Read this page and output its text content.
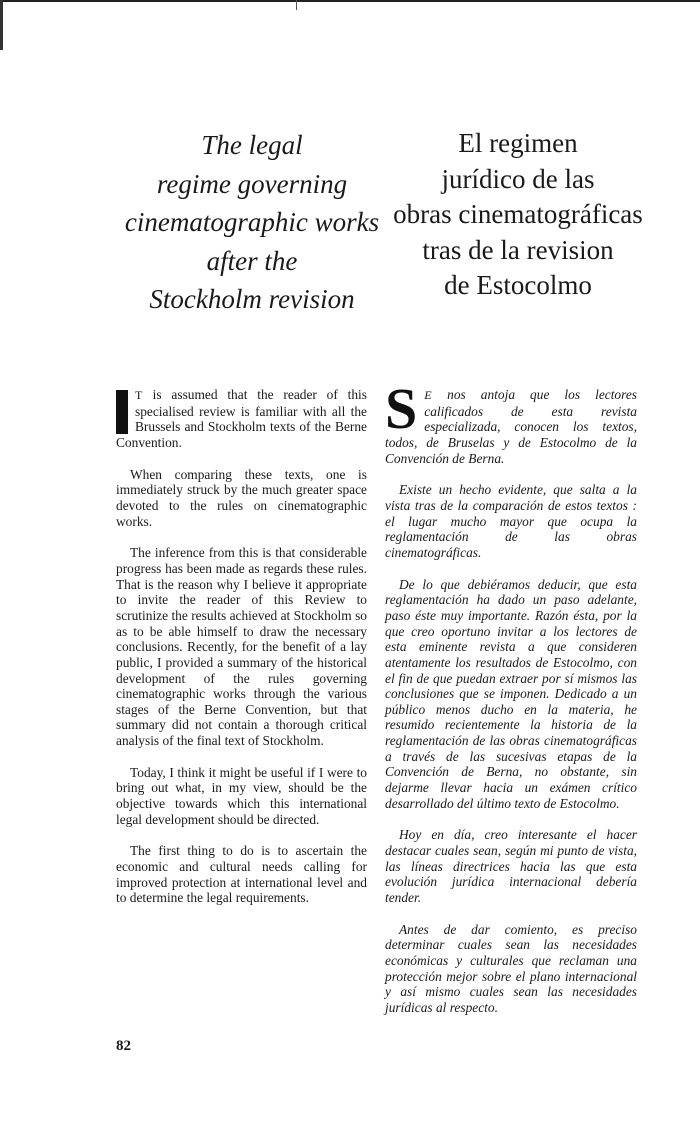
The legal
regime governing
cinematographic works
after the
Stockholm revision
El regimen
jurídico de las
obras cinematográficas
tras de la revision
de Estocolmo

T is assumed that the reader of this specialised review is familiar with all the Brussels and Stockholm texts of the Berne Convention.

When comparing these texts, one is immediately struck by the much greater space devoted to the rules on cinematographic works.

The inference from this is that considerable progress has been made as regards these rules. That is the reason why I believe it appropriate to invite the reader of this Review to scrutinize the results achieved at Stockholm so as to be able himself to draw the necessary conclusions. Recently, for the benefit of a lay public, I provided a summary of the historical development of the rules governing cinematographic works through the various stages of the Berne Convention, but that summary did not contain a thorough critical analysis of the final text of Stockholm.

Today, I think it might be useful if I were to bring out what, in my view, should be the objective towards which this international legal development should be directed.

The first thing to do is to ascertain the economic and cultural needs calling for improved protection at international level and to determine the legal requirements.

S E nos antoja que los lectores calificados de esta revista especializada, conocen los textos, todos, de Bruselas y de Estocolmo de la Convención de Berna.

Existe un hecho evidente, que salta a la vista tras de la comparación de estos textos : el lugar mucho mayor que ocupa la reglamentación de las obras cinematográficas.

De lo que debiéramos deducir, que esta reglamentación ha dado un paso adelante, paso éste muy importante. Razón ésta, por la que creo oportuno invitar a los lectores de esta eminente revista a que consideren atentamente los resultados de Estocolmo, con el fin de que puedan extraer por sí mismos las conclusiones que se imponen. Dedicado a un público menos ducho en la materia, he resumido recientemente la historia de la reglamentación de las obras cinematográficas a través de las sucesivas etapas de la Convención de Berna, no obstante, sin dejarme llevar hacia un exámen crítico desarrollado del último texto de Estocolmo.

Hoy en día, creo interesante el hacer destacar cuales sean, según mi punto de vista, las líneas directrices hacia las que esta evolución jurídica internacional debería tender.

Antes de dar comiento, es preciso determinar cuales sean las necesidades económicas y culturales que reclaman una protección mejor sobre el plano internacional y así mismo cuales sean las necesidades jurídicas al respecto.

82
